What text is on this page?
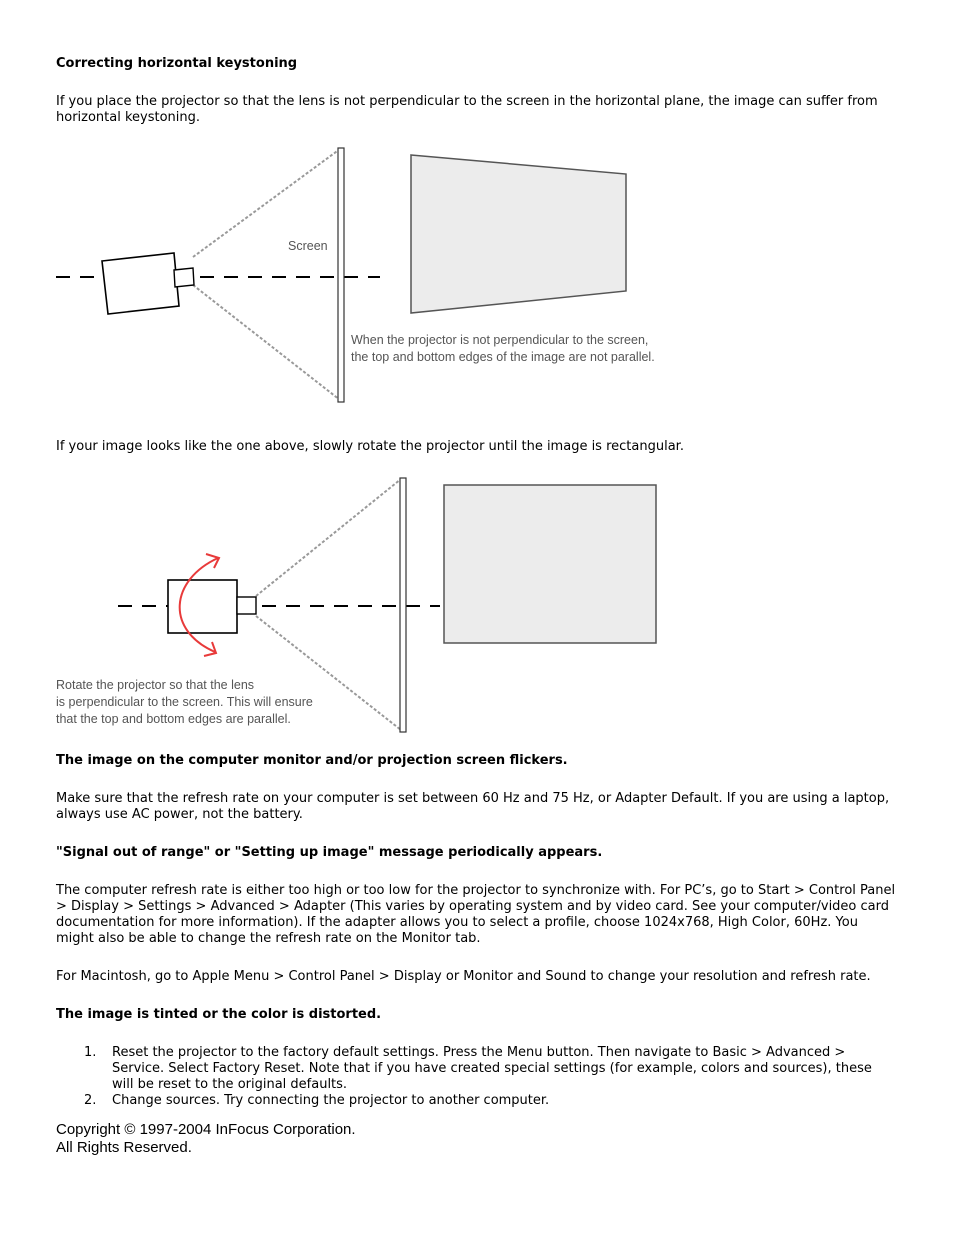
Correcting horizontal keystoning

If you place the projector so that the lens is not perpendicular to the screen in the horizontal plane, the image can suffer from horizontal keystoning.

Screen
When the projector is not perpendicular to the screen,
the top and bottom edges of the image are not parallel.

If your image looks like the one above, slowly rotate the projector until the image is rectangular.

Rotate the projector so that the lens
is perpendicular to the screen. This will ensure
that the top and bottom edges are parallel.

The image on the computer monitor and/or projection screen flickers.

Make sure that the refresh rate on your computer is set between 60 Hz and 75 Hz, or Adapter Default. If you are using a laptop, always use AC power, not the battery.

"Signal out of range" or "Setting up image" message periodically appears.

The computer refresh rate is either too high or too low for the projector to synchronize with. For PC’s, go to Start > Control Panel > Display > Settings > Advanced > Adapter (This varies by operating system and by video card. See your computer/video card documentation for more information). If the adapter allows you to select a profile, choose 1024x768, High Color, 60Hz. You might also be able to change the refresh rate on the Monitor tab.

For Macintosh, go to Apple Menu > Control Panel > Display or Monitor and Sound to change your resolution and refresh rate.

The image is tinted or the color is distorted.

1. Reset the projector to the factory default settings. Press the Menu button. Then navigate to Basic > Advanced > Service. Select Factory Reset. Note that if you have created special settings (for example, colors and sources), these will be reset to the original defaults.
2. Change sources. Try connecting the projector to another computer.
Copyright © 1997-2004 InFocus Corporation.
All Rights Reserved.
